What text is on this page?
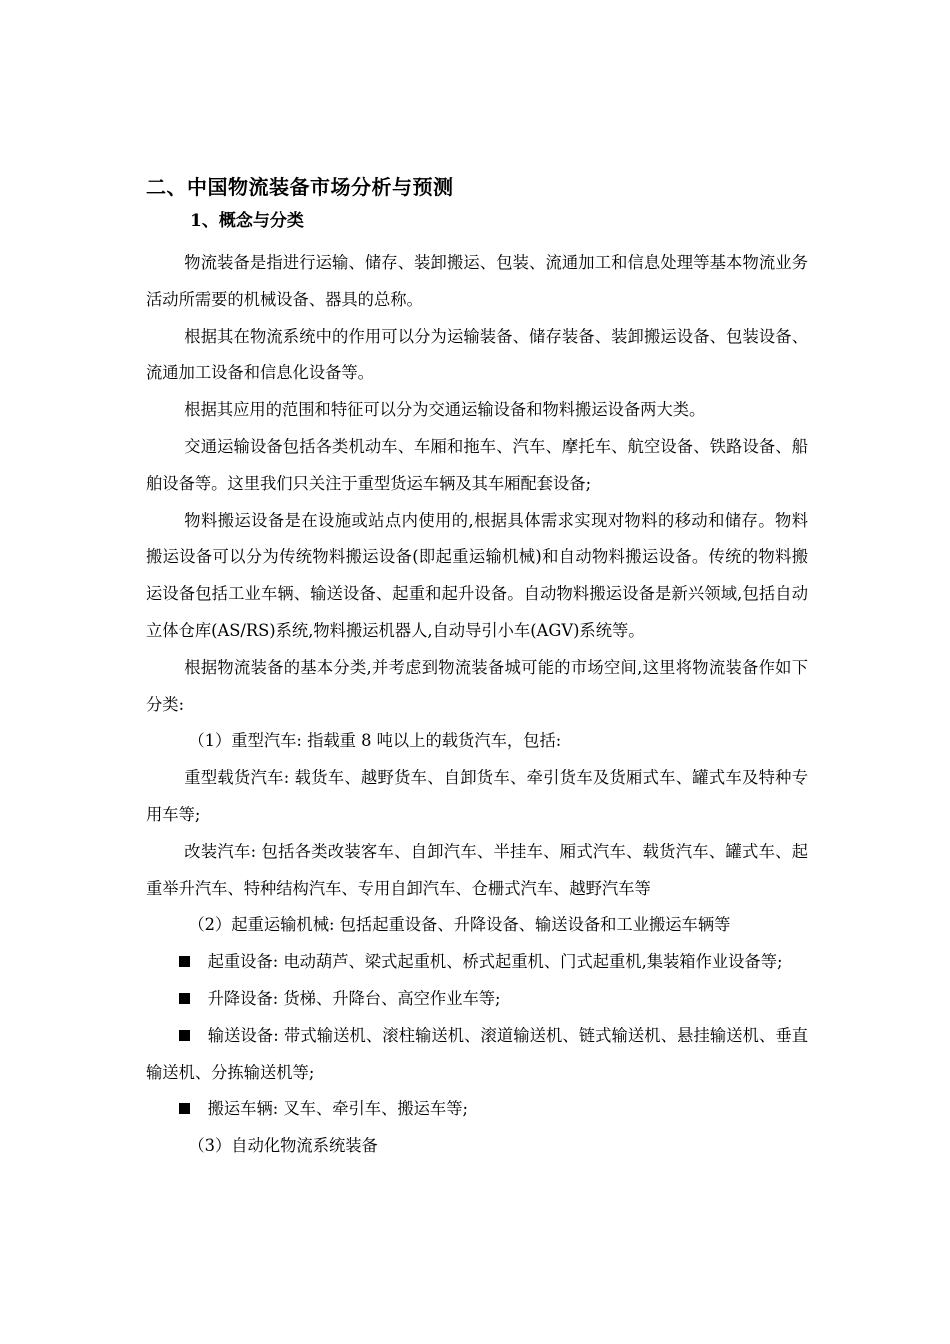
二、中国物流装备市场分析与预测
1、概念与分类

物流装备是指进行运输、储存、装卸搬运、包装、流通加工和信息处理等基本物流业务活动所需要的机械设备、器具的总称。

根据其在物流系统中的作用可以分为运输装备、储存装备、装卸搬运设备、包装设备、流通加工设备和信息化设备等。

根据其应用的范围和特征可以分为交通运输设备和物料搬运设备两大类。

交通运输设备包括各类机动车、车厢和拖车、汽车、摩托车、航空设备、铁路设备、船舶设备等。这里我们只关注于重型货运车辆及其车厢配套设备;

物料搬运设备是在设施或站点内使用的,根据具体需求实现对物料的移动和储存。物料搬运设备可以分为传统物料搬运设备(即起重运输机械)和自动物料搬运设备。传统的物料搬运设备包括工业车辆、输送设备、起重和起升设备。自动物料搬运设备是新兴领域,包括自动立体仓库(AS/RS)系统,物料搬运机器人,自动导引小车(AGV)系统等。

根据物流装备的基本分类,并考虑到物流装备城可能的市场空间,这里将物流装备作如下分类:

（1）重型汽车: 指载重 8 吨以上的载货汽车，包括:

重型载货汽车: 载货车、越野货车、自卸货车、牵引货车及货厢式车、罐式车及特种专用车等;

改装汽车: 包括各类改装客车、自卸汽车、半挂车、厢式汽车、载货汽车、罐式车、起重举升汽车、特种结构汽车、专用自卸汽车、仓栅式汽车、越野汽车等

（2）起重运输机械: 包括起重设备、升降设备、输送设备和工业搬运车辆等

起重设备: 电动葫芦、梁式起重机、桥式起重机、门式起重机,集装箱作业设备等;

升降设备: 货梯、升降台、高空作业车等;

输送设备: 带式输送机、滚柱输送机、滚道输送机、链式输送机、悬挂输送机、垂直输送机、分拣输送机等;

搬运车辆: 叉车、牵引车、搬运车等;

（3）自动化物流系统装备
